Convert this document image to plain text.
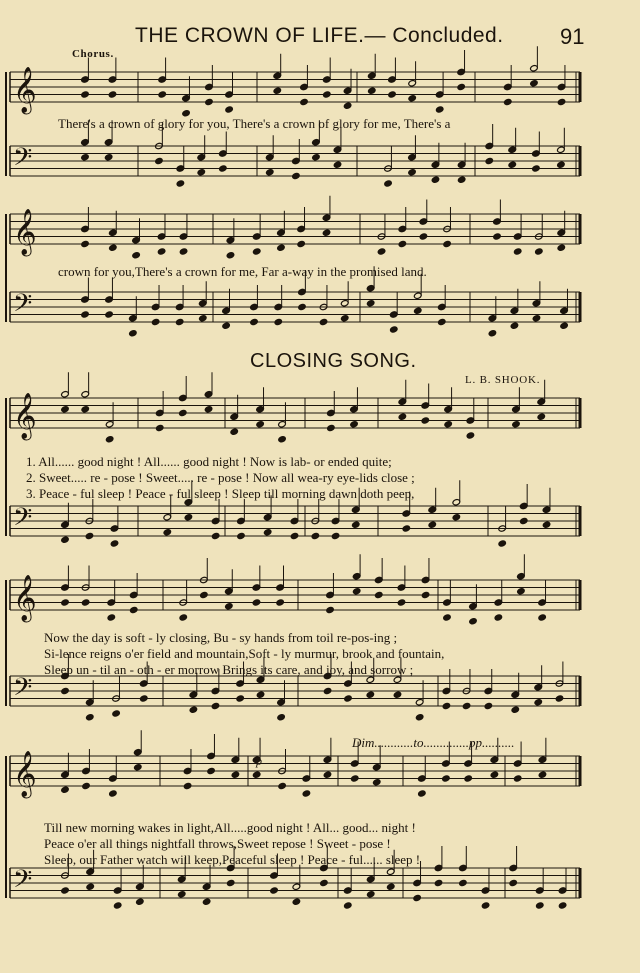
THE CROWN OF LIFE.— Concluded.	91
Chorus.
𝄞
𝄢
𝄞
𝄢
𝄞
𝄢
𝄞
𝄢
𝄞
𝄢
There's a crown of glory for you, There's a crown of glory for me, There's a
crown for you,There's a crown for me, Far a-way in the promised land.
CLOSING SONG.
L. B. SHOOK.
1. All...... good night ! All...... good night ! Now is lab- or ended quite;
2. Sweet..... re - pose ! Sweet..... re - pose ! Now all wea-ry eye-lids close ;
3. Peace - ful sleep ! Peace - ful sleep ! Sleep till morning dawn doth peep,
Now the day is soft - ly closing, Bu - sy hands from toil re-pos-ing ;
Si-lence reigns o'er field and mountain,Soft - ly murmur, brook and fountain,
Sleep un - til an - oth - er morrow Brings its care, and joy, and sorrow ;
Dim............to..............pp..........
p
Till new morning wakes in light,All.....good night ! All... good... night !
Peace o'er all things nightfall throws,Sweet repose ! Sweet - pose !
Sleep, our Father watch will keep,Peaceful sleep ! Peace - ful...... sleep !
